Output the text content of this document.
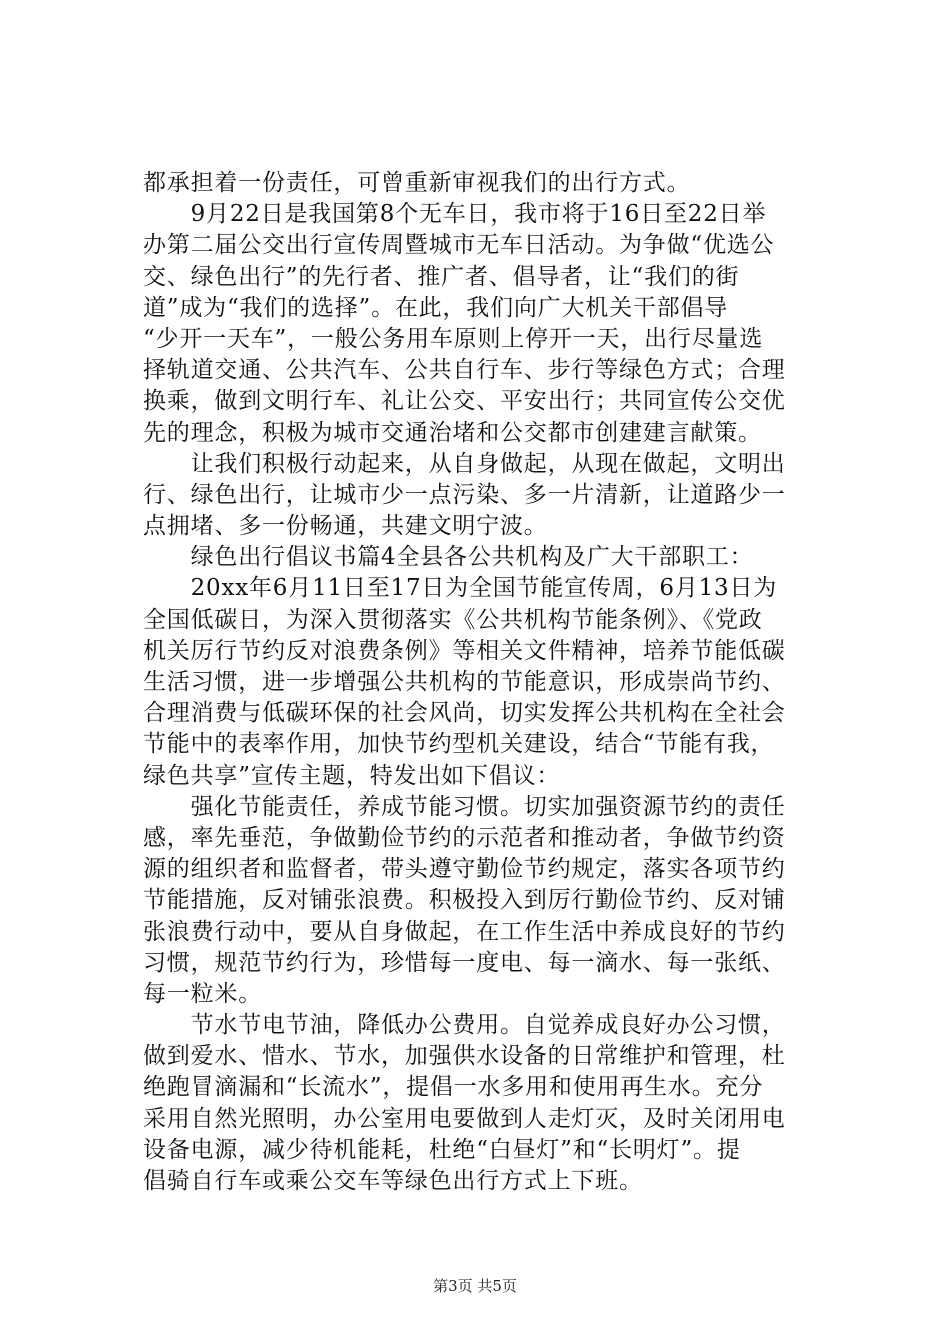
都承担着一份责任，可曾重新审视我们的出行方式。
　　9月22日是我国第8个无车日，我市将于16日至22日举
办第二届公交出行宣传周暨城市无车日活动。为争做“优选公
交、绿色出行”的先行者、推广者、倡导者，让“我们的街
道”成为“我们的选择”。在此，我们向广大机关干部倡导
“少开一天车”，一般公务用车原则上停开一天，出行尽量选
择轨道交通、公共汽车、公共自行车、步行等绿色方式；合理
换乘，做到文明行车、礼让公交、平安出行；共同宣传公交优
先的理念，积极为城市交通治堵和公交都市创建建言献策。
　　让我们积极行动起来，从自身做起，从现在做起，文明出
行、绿色出行，让城市少一点污染、多一片清新，让道路少一
点拥堵、多一份畅通，共建文明宁波。
　　绿色出行倡议书篇4全县各公共机构及广大干部职工：
　　20xx年6月11日至17日为全国节能宣传周，6月13日为
全国低碳日，为深入贯彻落实《公共机构节能条例》、《党政
机关厉行节约反对浪费条例》等相关文件精神，培养节能低碳
生活习惯，进一步增强公共机构的节能意识，形成崇尚节约、
合理消费与低碳环保的社会风尚，切实发挥公共机构在全社会
节能中的表率作用，加快节约型机关建设，结合“节能有我，
绿色共享”宣传主题，特发出如下倡议：
　　强化节能责任，养成节能习惯。切实加强资源节约的责任
感，率先垂范，争做勤俭节约的示范者和推动者，争做节约资
源的组织者和监督者，带头遵守勤俭节约规定，落实各项节约
节能措施，反对铺张浪费。积极投入到厉行勤俭节约、反对铺
张浪费行动中，要从自身做起，在工作生活中养成良好的节约
习惯，规范节约行为，珍惜每一度电、每一滴水、每一张纸、
每一粒米。
　　节水节电节油，降低办公费用。自觉养成良好办公习惯，
做到爱水、惜水、节水，加强供水设备的日常维护和管理，杜
绝跑冒滴漏和“长流水”，提倡一水多用和使用再生水。充分
采用自然光照明，办公室用电要做到人走灯灭，及时关闭用电
设备电源，减少待机能耗，杜绝“白昼灯”和“长明灯”。提
倡骑自行车或乘公交车等绿色出行方式上下班。
第3页 共5页
